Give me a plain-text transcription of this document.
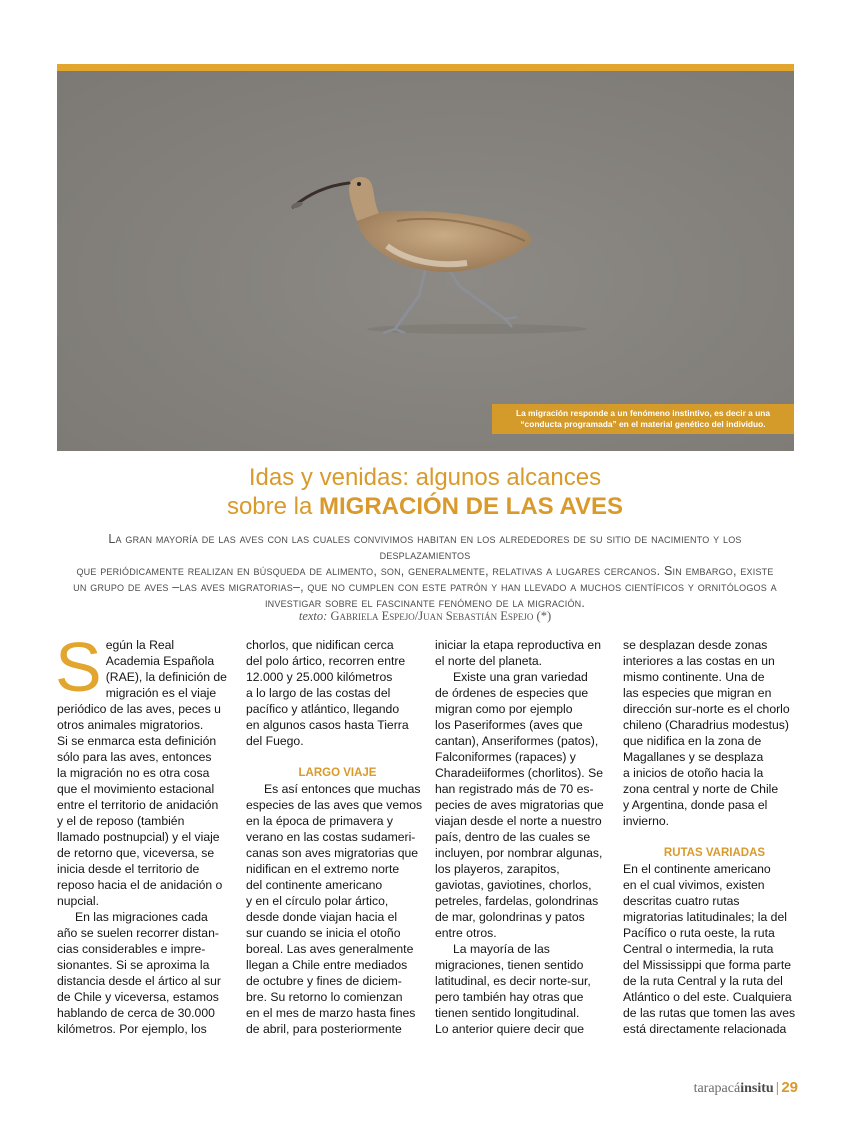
La migración responde a un fenómeno instintivo, es decir a una
“conducta programada” en el material genético del individuo.
Idas y venidas: algunos alcances
sobre la MIGRACIÓN DE LAS AVES
La gran mayoría de las aves con las cuales convivimos habitan en los alrededores de su sitio de nacimiento y los desplazamientos
que periódicamente realizan en búsqueda de alimento, son, generalmente, relativas a lugares cercanos. Sin embargo, existe
un grupo de aves –las aves migratorias–, que no cumplen con este patrón y han llevado a muchos científicos y ornitólogos a
investigar sobre el fascinante fenómeno de la migración.
texto: Gabriela Espejo/Juan Sebastián Espejo (*)
S egún la Real
Academia Española
(RAE), la definición de
migración es el viaje
periódico de las aves, peces u
otros animales migratorios.
Si se enmarca esta definición
sólo para las aves, entonces
la migración no es otra cosa
que el movimiento estacional
entre el territorio de anidación
y el de reposo (también
llamado postnupcial) y el viaje
de retorno que, viceversa, se
inicia desde el territorio de
reposo hacia el de anidación o
nupcial.
En las migraciones cada
año se suelen recorrer distan-
cias considerables e impre-
sionantes. Si se aproxima la
distancia desde el ártico al sur
de Chile y viceversa, estamos
hablando de cerca de 30.000
kilómetros. Por ejemplo, los
chorlos, que nidifican cerca
del polo ártico, recorren entre
12.000 y 25.000 kilómetros
a lo largo de las costas del
pacífico y atlántico, llegando
en algunos casos hasta Tierra
del Fuego.

LARGO VIAJE

Es así entonces que muchas
especies de las aves que vemos
en la época de primavera y
verano en las costas sudameri-
canas son aves migratorias que
nidifican en el extremo norte
del continente americano
y en el círculo polar ártico,
desde donde viajan hacia el
sur cuando se inicia el otoño
boreal. Las aves generalmente
llegan a Chile entre mediados
de octubre y fines de diciem-
bre. Su retorno lo comienzan
en el mes de marzo hasta fines
de abril, para posteriormente
iniciar la etapa reproductiva en
el norte del planeta.
Existe una gran variedad
de órdenes de especies que
migran como por ejemplo
los Paseriformes (aves que
cantan), Anseriformes (patos),
Falconiformes (rapaces) y
Charadeiiformes (chorlitos). Se
han registrado más de 70 es-
pecies de aves migratorias que
viajan desde el norte a nuestro
país, dentro de las cuales se
incluyen, por nombrar algunas,
los playeros, zarapitos,
gaviotas, gaviotines, chorlos,
petreles, fardelas, golondrinas
de mar, golondrinas y patos
entre otros.
La mayoría de las
migraciones, tienen sentido
latitudinal, es decir norte-sur,
pero también hay otras que
tienen sentido longitudinal.
Lo anterior quiere decir que
se desplazan desde zonas
interiores a las costas en un
mismo continente. Una de
las especies que migran en
dirección sur-norte es el chorlo
chileno (Charadrius modestus)
que nidifica en la zona de
Magallanes y se desplaza
a inicios de otoño hacia la
zona central y norte de Chile
y Argentina, donde pasa el
invierno.

RUTAS VARIADAS

En el continente americano
en el cual vivimos, existen
descritas cuatro rutas
migratorias latitudinales; la del
Pacífico o ruta oeste, la ruta
Central o intermedia, la ruta
del Mississippi que forma parte
de la ruta Central y la ruta del
Atlántico o del este. Cualquiera
de las rutas que tomen las aves
está directamente relacionada
tarapacáinsitu | 29
